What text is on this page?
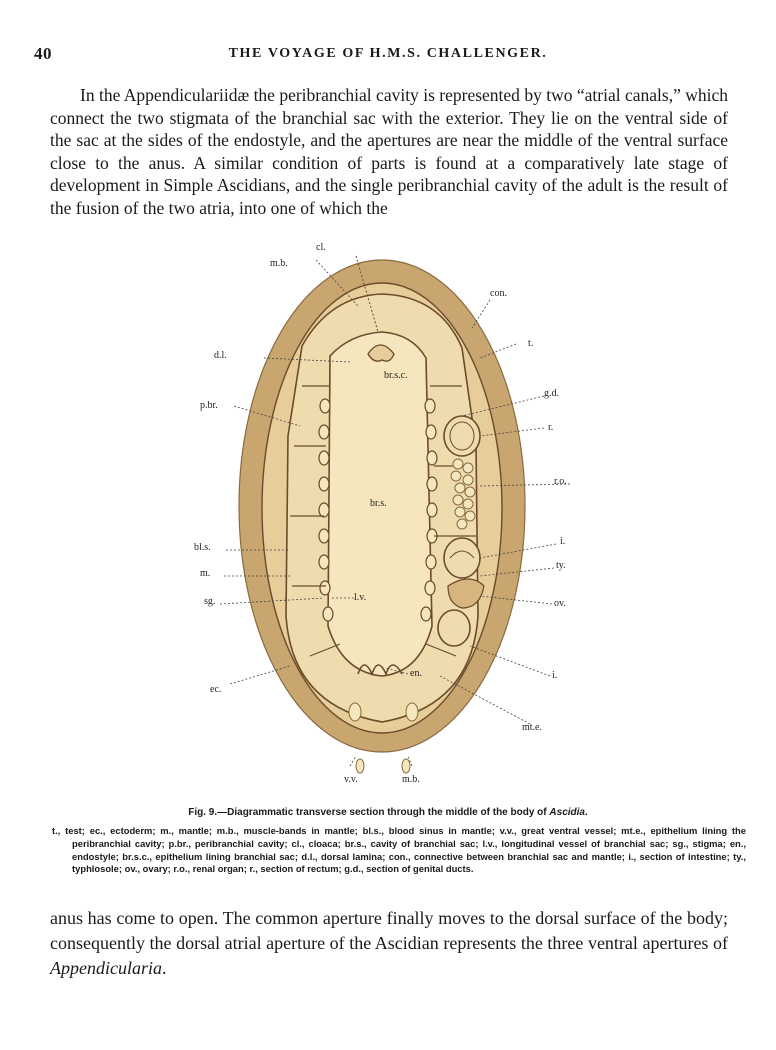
40	THE VOYAGE OF H.M.S. CHALLENGER.

In the Appendiculariidæ the peribranchial cavity is represented by two “atrial canals,” which connect the two stigmata of the branchial sac with the exterior. They lie on the ventral side of the sac at the sides of the endostyle, and the apertures are near the middle of the ventral surface close to the anus. A similar condition of parts is found at a comparatively late stage of development in Simple Ascidians, and the single peribranchial cavity of the adult is the result of the fusion of the two atria, into one of which the

cl.
m.b.
con.
t.
d.l.
br.s.c.
g.d.
p.br.
r.
r.o.
br.s.
bl.s.
i.
m.
ty.
sg.	l.v.
ov.
i.
ec.
en.
mt.e.
v.v.	m.b.
Fig. 9.—Diagrammatic transverse section through the middle of the body of Ascidia.

t., test; ec., ectoderm; m., mantle; m.b., muscle-bands in mantle; bl.s., blood sinus in mantle; v.v., great ventral vessel; mt.e., epithelium lining the peribranchial cavity; p.br., peribranchial cavity; cl., cloaca; br.s., cavity of branchial sac; l.v., longitudinal vessel of branchial sac; sg., stigma; en., endostyle; br.s.c., epithelium lining branchial sac; d.l., dorsal lamina; con., connective between branchial sac and mantle; i., section of intestine; ty., typhlosole; ov., ovary; r.o., renal organ; r., section of rectum; g.d., section of genital ducts.

anus has come to open. The common aperture finally moves to the dorsal surface of the body; consequently the dorsal atrial aperture of the Ascidian represents the three ventral apertures of Appendicularia.
